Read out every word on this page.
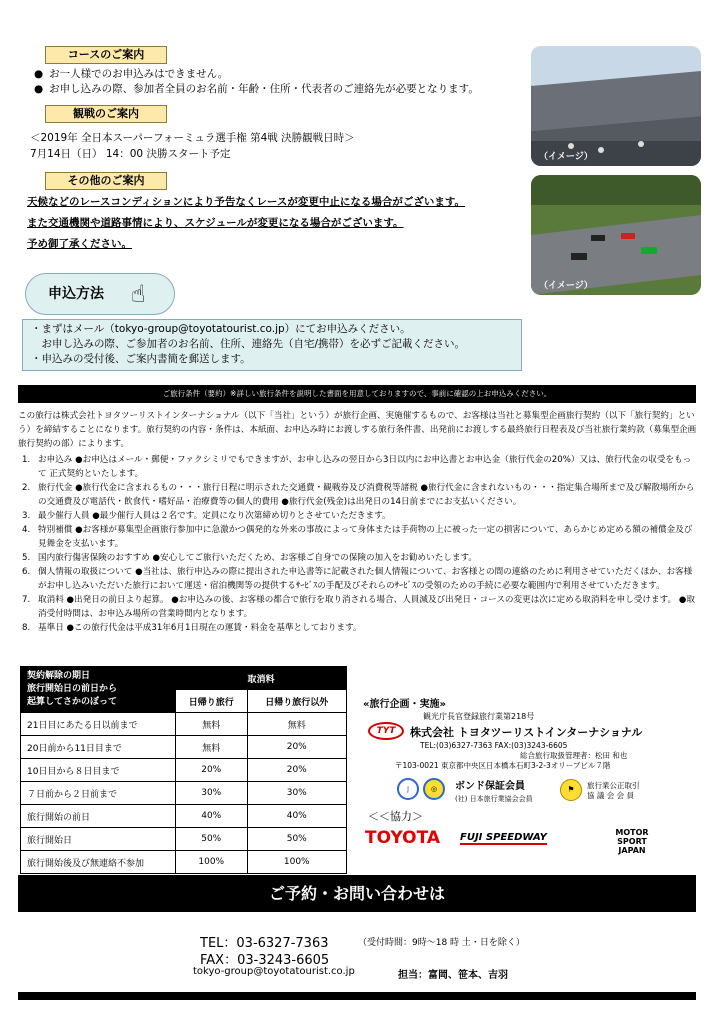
コースのご案内
● お一人様でのお申込みはできません。
● お申し込みの際、参加者全員のお名前・年齢・住所・代表者のご連絡先が必要となります。
観戦のご案内
＜2019年 全日本スーパーフォーミュラ選手権 第4戦 決勝観戦日時＞
7月14日（日） 14：00 決勝スタート予定
その他のご案内
天候などのレースコンディションにより予告なくレースが変更中止になる場合がございます。
また交通機関や道路事情により、スケジュールが変更になる場合がございます。
予め御了承ください。
（イメージ）
（イメージ）
申込方法 ☝
・まずはメール（tokyo-group@toyotatourist.co.jp）にてお申込みください。
　お申し込みの際、ご参加者のお名前、住所、連絡先（自宅/携帯）を必ずご記載ください。
・申込みの受付後、ご案内書簡を郵送します。
ご旅行条件（要約）※詳しい旅行条件を説明した書面を用意しておりますので、事前に確認の上お申込みください。
この旅行は株式会社トヨタツーリストインターナショナル（以下「当社」という）が旅行企画、実施催するもので、お客様は当社と募集型企画旅行契約（以下「旅行契約」という）を締結することになります。旅行契約の内容・条件は、本紙面、お申込み時にお渡しする旅行条件書、出発前にお渡しする最終旅行日程表及び当社旅行業約款（募集型企画旅行契約の部）によります。
1. お申込み ●お申込はメール・郵便・ファクシミリでもできますが、お申し込みの翌日から3日以内にお申込書とお申込金（旅行代金の20%）又は、旅行代金の収受をもって 正式契約といたします。
2. 旅行代金 ●旅行代金に含まれるもの・・・旅行日程に明示された交通費・観戦券及び消費税等諸税 ●旅行代金に含まれないもの・・・指定集合場所まで及び解散場所から の交通費及び電話代・飲食代・嗜好品・治療費等の個人的費用 ●旅行代金(残金)は出発日の14日前までにお支払いください。
3. 最少催行人員 ●最少催行人員は２名です。定員になり次第締め切りとさせていただきます。
4. 特別補償 ●お客様が募集型企画旅行参加中に急激かつ偶発的な外来の事故によって身体または手荷物の上に被った一定の損害について、あらかじめ定める額の補償金及び見舞金を支払います。
5. 国内旅行傷害保険のおすすめ ●安心してご旅行いただくため、お客様ご自身での保険の加入をお勧めいたします。
6. 個人情報の取扱について ●当社は、旅行申込みの際に提出された申込書等に記載された個人情報について、お客様との間の連絡のために利用させていただくほか、お客様がお申し込みいただいた旅行において運送・宿泊機関等の提供するｻｰﾋﾞｽの手配及びそれらのｻｰﾋﾞｽの受領のための手続に必要な範囲内で利用させていただきます。
7. 取消料 ●出発日の前日より起算。 ●お申込みの後、お客様の都合で旅行を取り消される場合、人員減及び出発日・コースの変更は次に定める取消料を申し受けます。 ●取消受付時間は、お申込み場所の営業時間内となります。
8. 基準日 ●この旅行代金は平成31年6月1日現在の運賃・料金を基準としております。
契約解除の期日
旅行開始日の前日から
起算してさかのぼって	取消料	
	日帰り旅行	日帰り旅行以外
21日目にあたる日以前まで	無料	無料
20日前から11日目まで	無料	20%
10日目から８日目まで	20%	20%
７日前から２日前まで	30%	30%
旅行開始の前日	40%	40%
旅行開始日	50%	50%
旅行開始後及び無連絡不参加	100%	100%
«旅行企画・実施»
観光庁長官登録旅行業第218号
TYT	株式会社 トヨタツーリストインターナショナル
TEL:(03)6327-7363 FAX:(03)3243-6605
総合旅行取扱管理者：松田 和也
〒103-0021 東京都中央区日本橋本石町3-2-3オリーブビル７階
J	◎	ボンド保証会員
(社) 日本旅行業協会会員
⚑	旅行業公正取引
協 議 会 会 員
＜＜協力＞
TOYOTA FUJI SPEEDWAY	MOTOR SPORT JAPAN
ご予約・お問い合わせは
TEL：03-6327-7363	（受付時間：9時～18 時 土・日を除く）
FAX：03-3243-6605
tokyo-group@toyotatourist.co.jp	担当：富岡、笹本、吉羽
